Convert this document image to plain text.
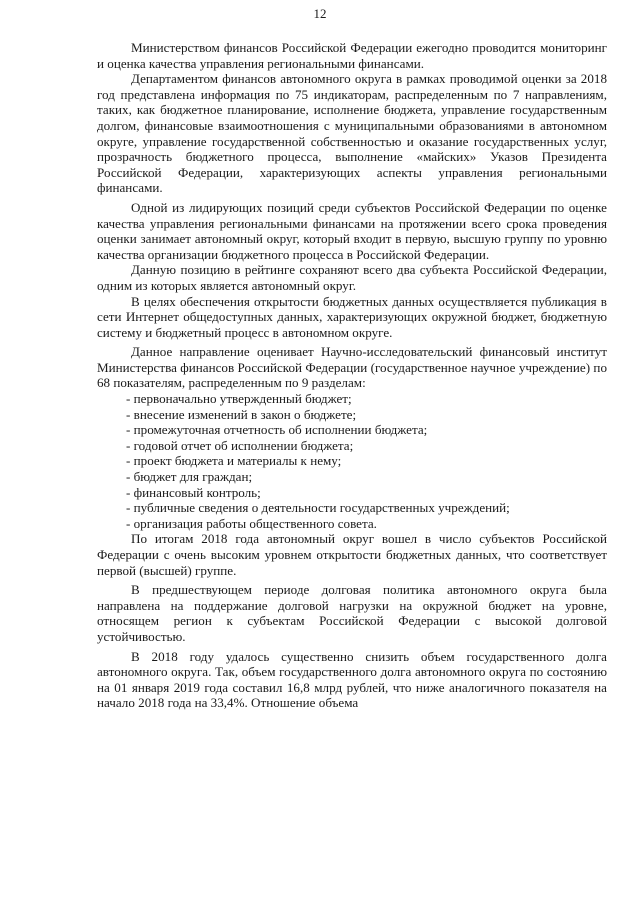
12

Министерством финансов Российской Федерации ежегодно проводится мониторинг и оценка качества управления региональными финансами.

Департаментом финансов автономного округа в рамках проводимой оценки за 2018 год представлена информация по 75 индикаторам, распределенным по 7 направлениям, таких, как бюджетное планирование, исполнение бюджета, управление государственным долгом, финансовые взаимоотношения с муниципальными образованиями в автономном округе, управление государственной собственностью и оказание государственных услуг, прозрачность бюджетного процесса, выполнение «майских» Указов Президента Российской Федерации, характеризующих аспекты управления региональными финансами.

Одной из лидирующих позиций среди субъектов Российской Федерации по оценке качества управления региональными финансами на протяжении всего срока проведения оценки занимает автономный округ, который входит в первую, высшую группу по уровню качества организации бюджетного процесса в Российской Федерации.

Данную позицию в рейтинге сохраняют всего два субъекта Российской Федерации, одним из которых является автономный округ.

В целях обеспечения открытости бюджетных данных осуществляется публикация в сети Интернет общедоступных данных, характеризующих окружной бюджет, бюджетную систему и бюджетный процесс в автономном округе.

Данное направление оценивает Научно-исследовательский финансовый институт Министерства финансов Российской Федерации (государственное научное учреждение) по 68 показателям, распределенным по 9 разделам:

- первоначально утвержденный бюджет;
- внесение изменений в закон о бюджете;
- промежуточная отчетность об исполнении бюджета;
- годовой отчет об исполнении бюджета;
- проект бюджета и материалы к нему;
- бюджет для граждан;
- финансовый контроль;
- публичные сведения о деятельности государственных учреждений;
- организация работы общественного совета.

По итогам 2018 года автономный округ вошел в число субъектов Российской Федерации с очень высоким уровнем открытости бюджетных данных, что соответствует первой (высшей) группе.

В предшествующем периоде долговая политика автономного округа была направлена на поддержание долговой нагрузки на окружной бюджет на уровне, относящем регион к субъектам Российской Федерации с высокой долговой устойчивостью.

В 2018 году удалось существенно снизить объем государственного долга автономного округа. Так, объем государственного долга автономного округа по состоянию на 01 января 2019 года составил 16,8 млрд рублей, что ниже аналогичного показателя на начало 2018 года на 33,4%. Отношение объема
